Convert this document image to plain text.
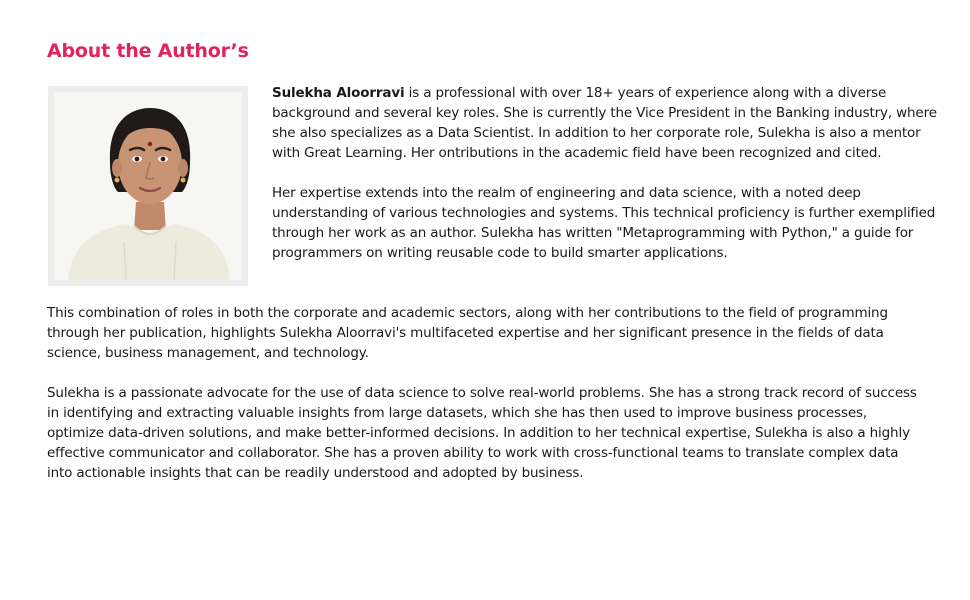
About the Author’s

Sulekha Aloorravi is a professional with over 18+ years of experience along with a diverse background and several key roles. She is currently the Vice President in the Banking industry, where she also specializes as a Data Scientist. In addition to her corporate role, Sulekha is also a mentor with Great Learning. Her ontributions in the academic field have been recognized and cited.

Her expertise extends into the realm of engineering and data science, with a noted deep understanding of various technologies and systems. This technical proficiency is further exemplified through her work as an author. Sulekha has written "Metaprogramming with Python," a guide for programmers on writing reusable code to build smarter applications.

This combination of roles in both the corporate and academic sectors, along with her contributions to the field of programming through her publication, highlights Sulekha Aloorravi's multifaceted expertise and her significant presence in the fields of data science, business management, and technology.

Sulekha is a passionate advocate for the use of data science to solve real-world problems. She has a strong track record of success in identifying and extracting valuable insights from large datasets, which she has then used to improve business processes, optimize data-driven solutions, and make better-informed decisions. In addition to her technical expertise, Sulekha is also a highly effective communicator and collaborator. She has a proven ability to work with cross-functional teams to translate complex data into actionable insights that can be readily understood and adopted by business.
